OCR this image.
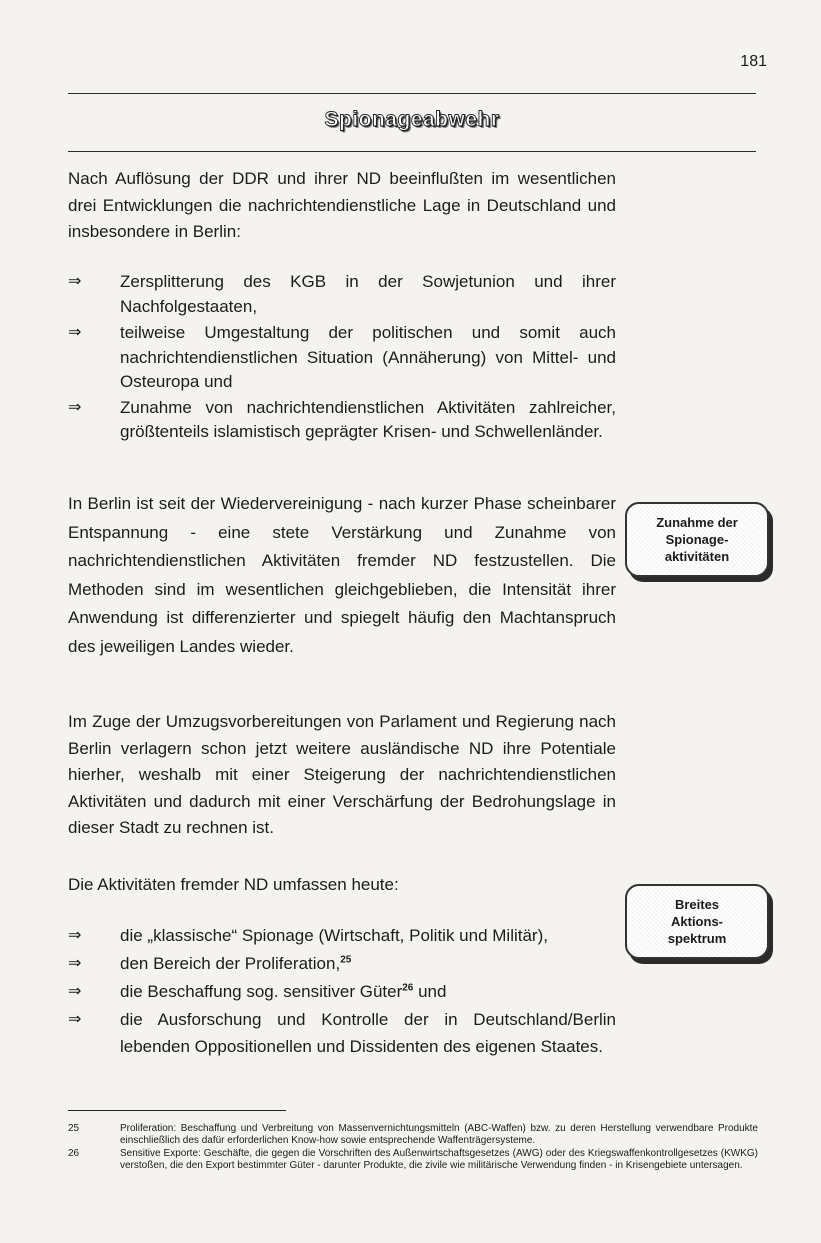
181
Spionageabwehr

Nach Auflösung der DDR und ihrer ND beeinflußten im wesentlichen drei Entwicklungen die nachrichtendienstliche Lage in Deutschland und insbesondere in Berlin:

⇒	Zersplitterung des KGB in der Sowjetunion und ihrer Nachfolgestaaten,
⇒	teilweise Umgestaltung der politischen und somit auch nachrichtendienstlichen Situation (Annäherung) von Mittel- und Osteuropa und
⇒	Zunahme von nachrichtendienstlichen Aktivitäten zahlreicher, größtenteils islamistisch geprägter Krisen- und Schwellenländer.

In Berlin ist seit der Wiedervereinigung - nach kurzer Phase scheinbarer Entspannung - eine stete Verstärkung und Zunahme von nachrichtendienstlichen Aktivitäten fremder ND festzustellen. Die Methoden sind im wesentlichen gleichgeblieben, die Intensität ihrer Anwendung ist differenzierter und spiegelt häufig den Machtanspruch des jeweiligen Landes wieder.

Zunahme der
Spionage-
aktivitäten

Im Zuge der Umzugsvorbereitungen von Parlament und Regierung nach Berlin verlagern schon jetzt weitere ausländische ND ihre Potentiale hierher, weshalb mit einer Steigerung der nachrichtendienstlichen Aktivitäten und dadurch mit einer Verschärfung der Bedrohungslage in dieser Stadt zu rechnen ist.

Die Aktivitäten fremder ND umfassen heute:

Breites
Aktions-
spektrum
⇒	die „klassische“ Spionage (Wirtschaft, Politik und Militär),
⇒	den Bereich der Proliferation,$^{25}$
⇒	die Beschaffung sog. sensitiver Güter$^{26}$ und
⇒	die Ausforschung und Kontrolle der in Deutschland/Berlin lebenden Oppositionellen und Dissidenten des eigenen Staates.
25	Proliferation: Beschaffung und Verbreitung von Massenvernichtungsmitteln (ABC-Waffen) bzw. zu deren Herstellung verwendbare Produkte einschließlich des dafür erforderlichen Know-how sowie entsprechende Waffenträgersysteme.
26	Sensitive Exporte: Geschäfte, die gegen die Vorschriften des Außenwirtschaftsgesetzes (AWG) oder des Kriegswaffenkontrollgesetzes (KWKG) verstoßen, die den Export bestimmter Güter - darunter Produkte, die zivile wie militärische Verwendung finden - in Krisengebiete untersagen.
